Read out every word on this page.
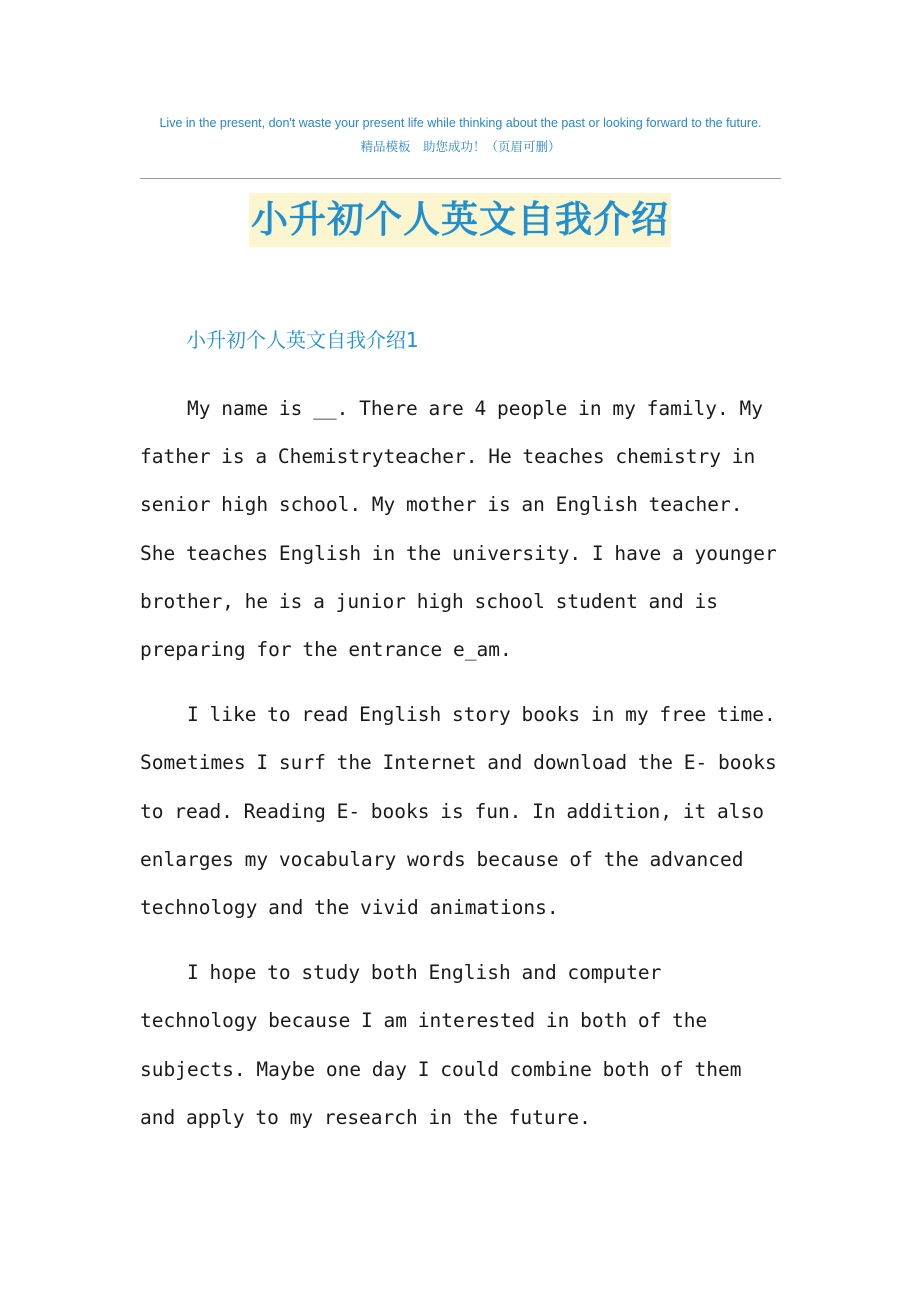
Live in the present, don't waste your present life while thinking about the past or looking forward to the future.
精品模板　助您成功！（页眉可删）
小升初个人英文自我介绍
小升初个人英文自我介绍1
My name is __. There are 4 people in my family. My
father is a Chemistryteacher. He teaches chemistry in
senior high school. My mother is an English teacher.
She teaches English in the university. I have a younger
brother, he is a junior high school student and is
preparing for the entrance e_am.
I like to read English story books in my free time.
Sometimes I surf the Internet and download the E- books
to read. Reading E- books is fun. In addition, it also
enlarges my vocabulary words because of the advanced
technology and the vivid animations.
I hope to study both English and computer
technology because I am interested in both of the
subjects. Maybe one day I could combine both of them
and apply to my research in the future.
